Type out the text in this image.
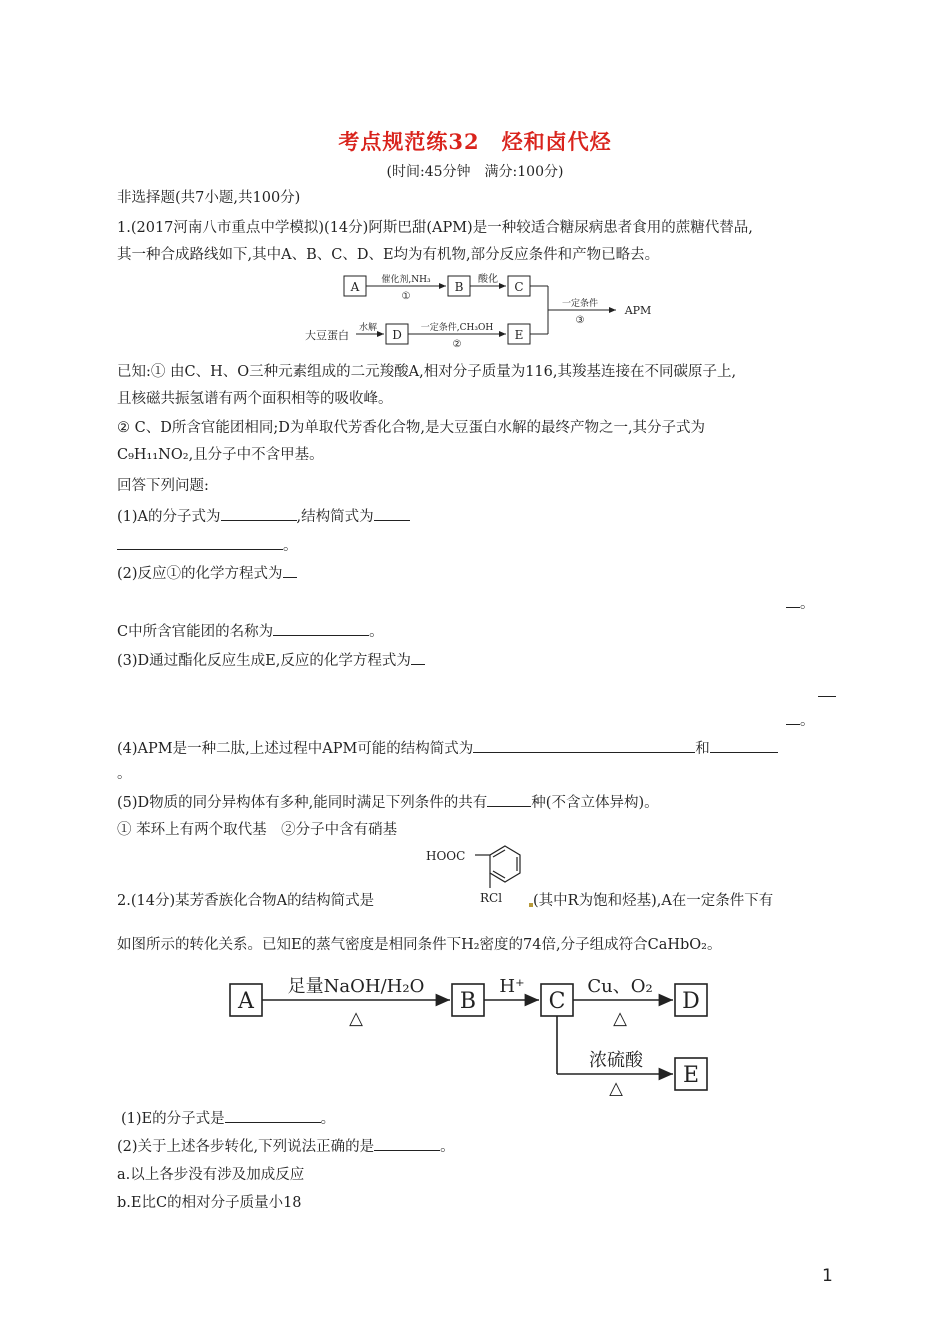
考点规范练32　烃和卤代烃
(时间:45分钟　满分:100分)
非选择题(共7小题,共100分)
1.(2017河南八市重点中学模拟)(14分)阿斯巴甜(APM)是一种较适合糖尿病患者食用的蔗糖代替品,
其一种合成路线如下,其中A、B、C、D、E均为有机物,部分反应条件和产物已略去。
A	B	C
D	E
催化剂,NH₃
①
酸化
水解	一定条件,CH₃OH
②
一定条件
③
大豆蛋白
APM
已知:① 由C、H、O三种元素组成的二元羧酸A,相对分子质量为116,其羧基连接在不同碳原子上,
且核磁共振氢谱有两个面积相等的吸收峰。
② C、D所含官能团相同;D为单取代芳香化合物,是大豆蛋白水解的最终产物之一,其分子式为
C₉H₁₁NO₂,且分子中不含甲基。
回答下列问题:
(1)A的分子式为	,结构简式为
。
(2)反应①的化学方程式为
。
C中所含官能团的名称为	。
(3)D通过酯化反应生成E,反应的化学方程式为
。
(4)APM是一种二肽,上述过程中APM可能的结构简式为	和
。
(5)D物质的同分异构体有多种,能同时满足下列条件的共有	种(不含立体异构)。
① 苯环上有两个取代基　②分子中含有硝基
HOOC
RCl
2.(14分)某芳香族化合物A的结构简式是	(其中R为饱和烃基),A在一定条件下有
如图所示的转化关系。已知E的蒸气密度是相同条件下H₂密度的74倍,分子组成符合CaHbO₂。
A	B	C	D
E
足量NaOH/H₂O
△
H⁺	Cu、O₂
△
浓硫酸
△
(1)E的分子式是	。
(2)关于上述各步转化,下列说法正确的是	。
a.以上各步没有涉及加成反应
b.E比C的相对分子质量小18
1
